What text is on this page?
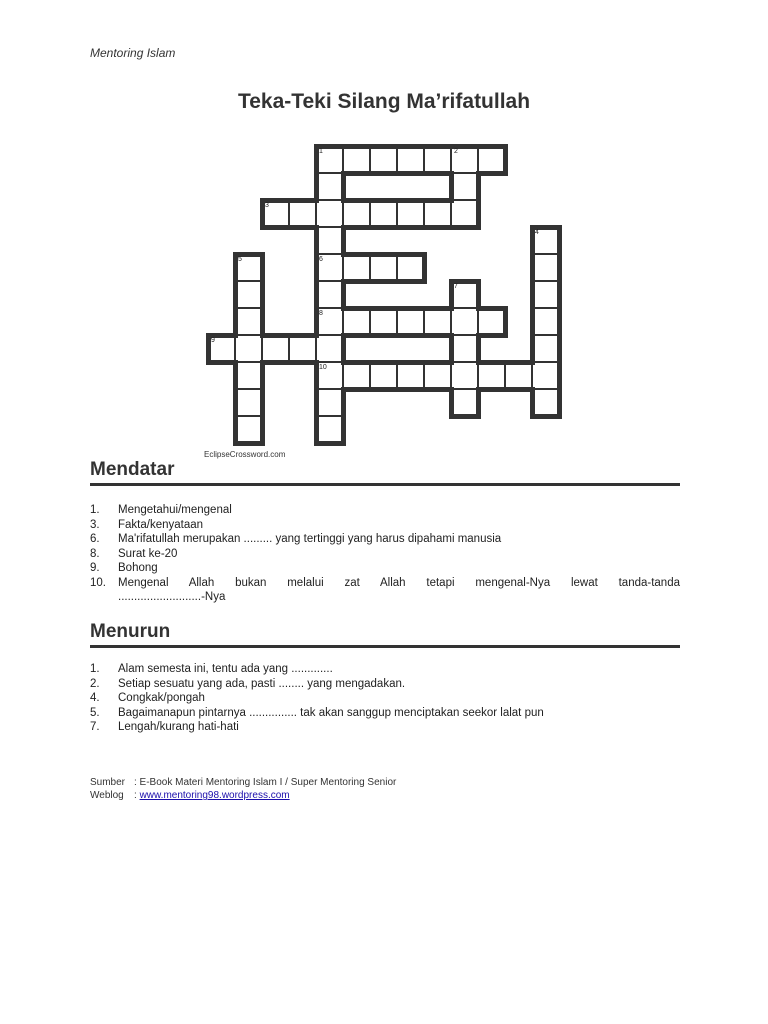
Mentoring Islam
Teka-Teki Silang Ma’rifatullah
1	2
3
4
5	6
7
8
9
10
EclipseCrossword.com
Mendatar
1.	Mengetahui/mengenal
3.	Fakta/kenyataan
6.	Ma'rifatullah merupakan ......... yang tertinggi yang harus dipahami manusia
8.	Surat ke-20
9.	Bohong
10.	Mengenal Allah bukan melalui zat Allah tetapi mengenal-Nya lewat tanda-tanda
..........................-Nya
Menurun
1.	Alam semesta ini, tentu ada yang .............
2.	Setiap sesuatu yang ada, pasti ........ yang mengadakan.
4.	Congkak/pongah
5.	Bagaimanapun pintarnya ............... tak akan sanggup menciptakan seekor lalat pun
7.	Lengah/kurang hati-hati
Sumber : E-Book Materi Mentoring Islam I / Super Mentoring Senior
Weblog : www.mentoring98.wordpress.com
